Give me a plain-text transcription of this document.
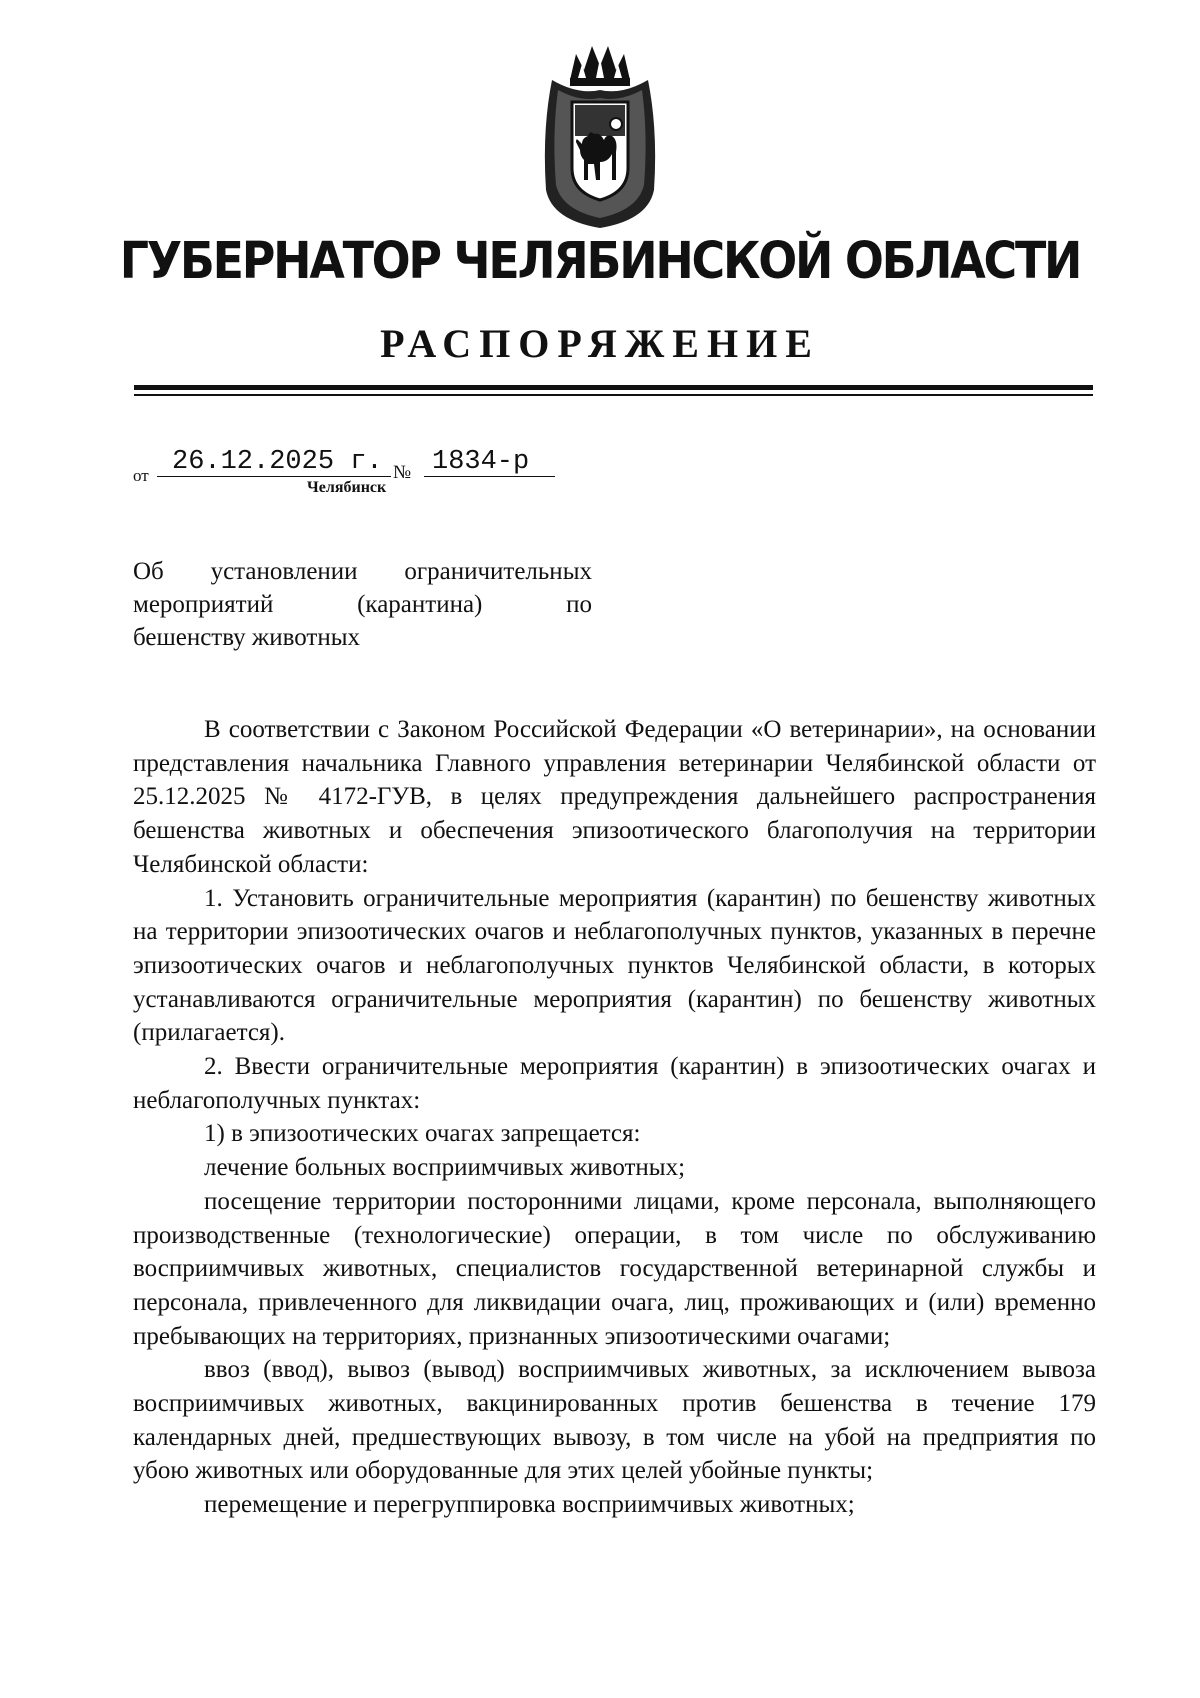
ГУБЕРНАТОР ЧЕЛЯБИНСКОЙ ОБЛАСТИ
РАСПОРЯЖЕНИЕ
от 26.12.2025 г. № 1834-р
Челябинск
Об установлении ограничительных
мероприятий (карантина) по
бешенству животных

В соответствии с Законом Российской Федерации «О ветеринарии», на основании представления начальника Главного управления ветеринарии Челябинской области от 25.12.2025 № 4172-ГУВ, в целях предупреждения дальнейшего распространения бешенства животных и обеспечения эпизоотического благополучия на территории Челябинской области:

1. Установить ограничительные мероприятия (карантин) по бешенству животных на территории эпизоотических очагов и неблагополучных пунктов, указанных в перечне эпизоотических очагов и неблагополучных пунктов Челябинской области, в которых устанавливаются ограничительные мероприятия (карантин) по бешенству животных (прилагается).

2. Ввести ограничительные мероприятия (карантин) в эпизоотических очагах и неблагополучных пунктах:

1) в эпизоотических очагах запрещается:

лечение больных восприимчивых животных;

посещение территории посторонними лицами, кроме персонала, выполняющего производственные (технологические) операции, в том числе по обслуживанию восприимчивых животных, специалистов государственной ветеринарной службы и персонала, привлеченного для ликвидации очага, лиц, проживающих и (или) временно пребывающих на территориях, признанных эпизоотическими очагами;

ввоз (ввод), вывоз (вывод) восприимчивых животных, за исключением вывоза восприимчивых животных, вакцинированных против бешенства в течение 179 календарных дней, предшествующих вывозу, в том числе на убой на предприятия по убою животных или оборудованные для этих целей убойные пункты;

перемещение и перегруппировка восприимчивых животных;
